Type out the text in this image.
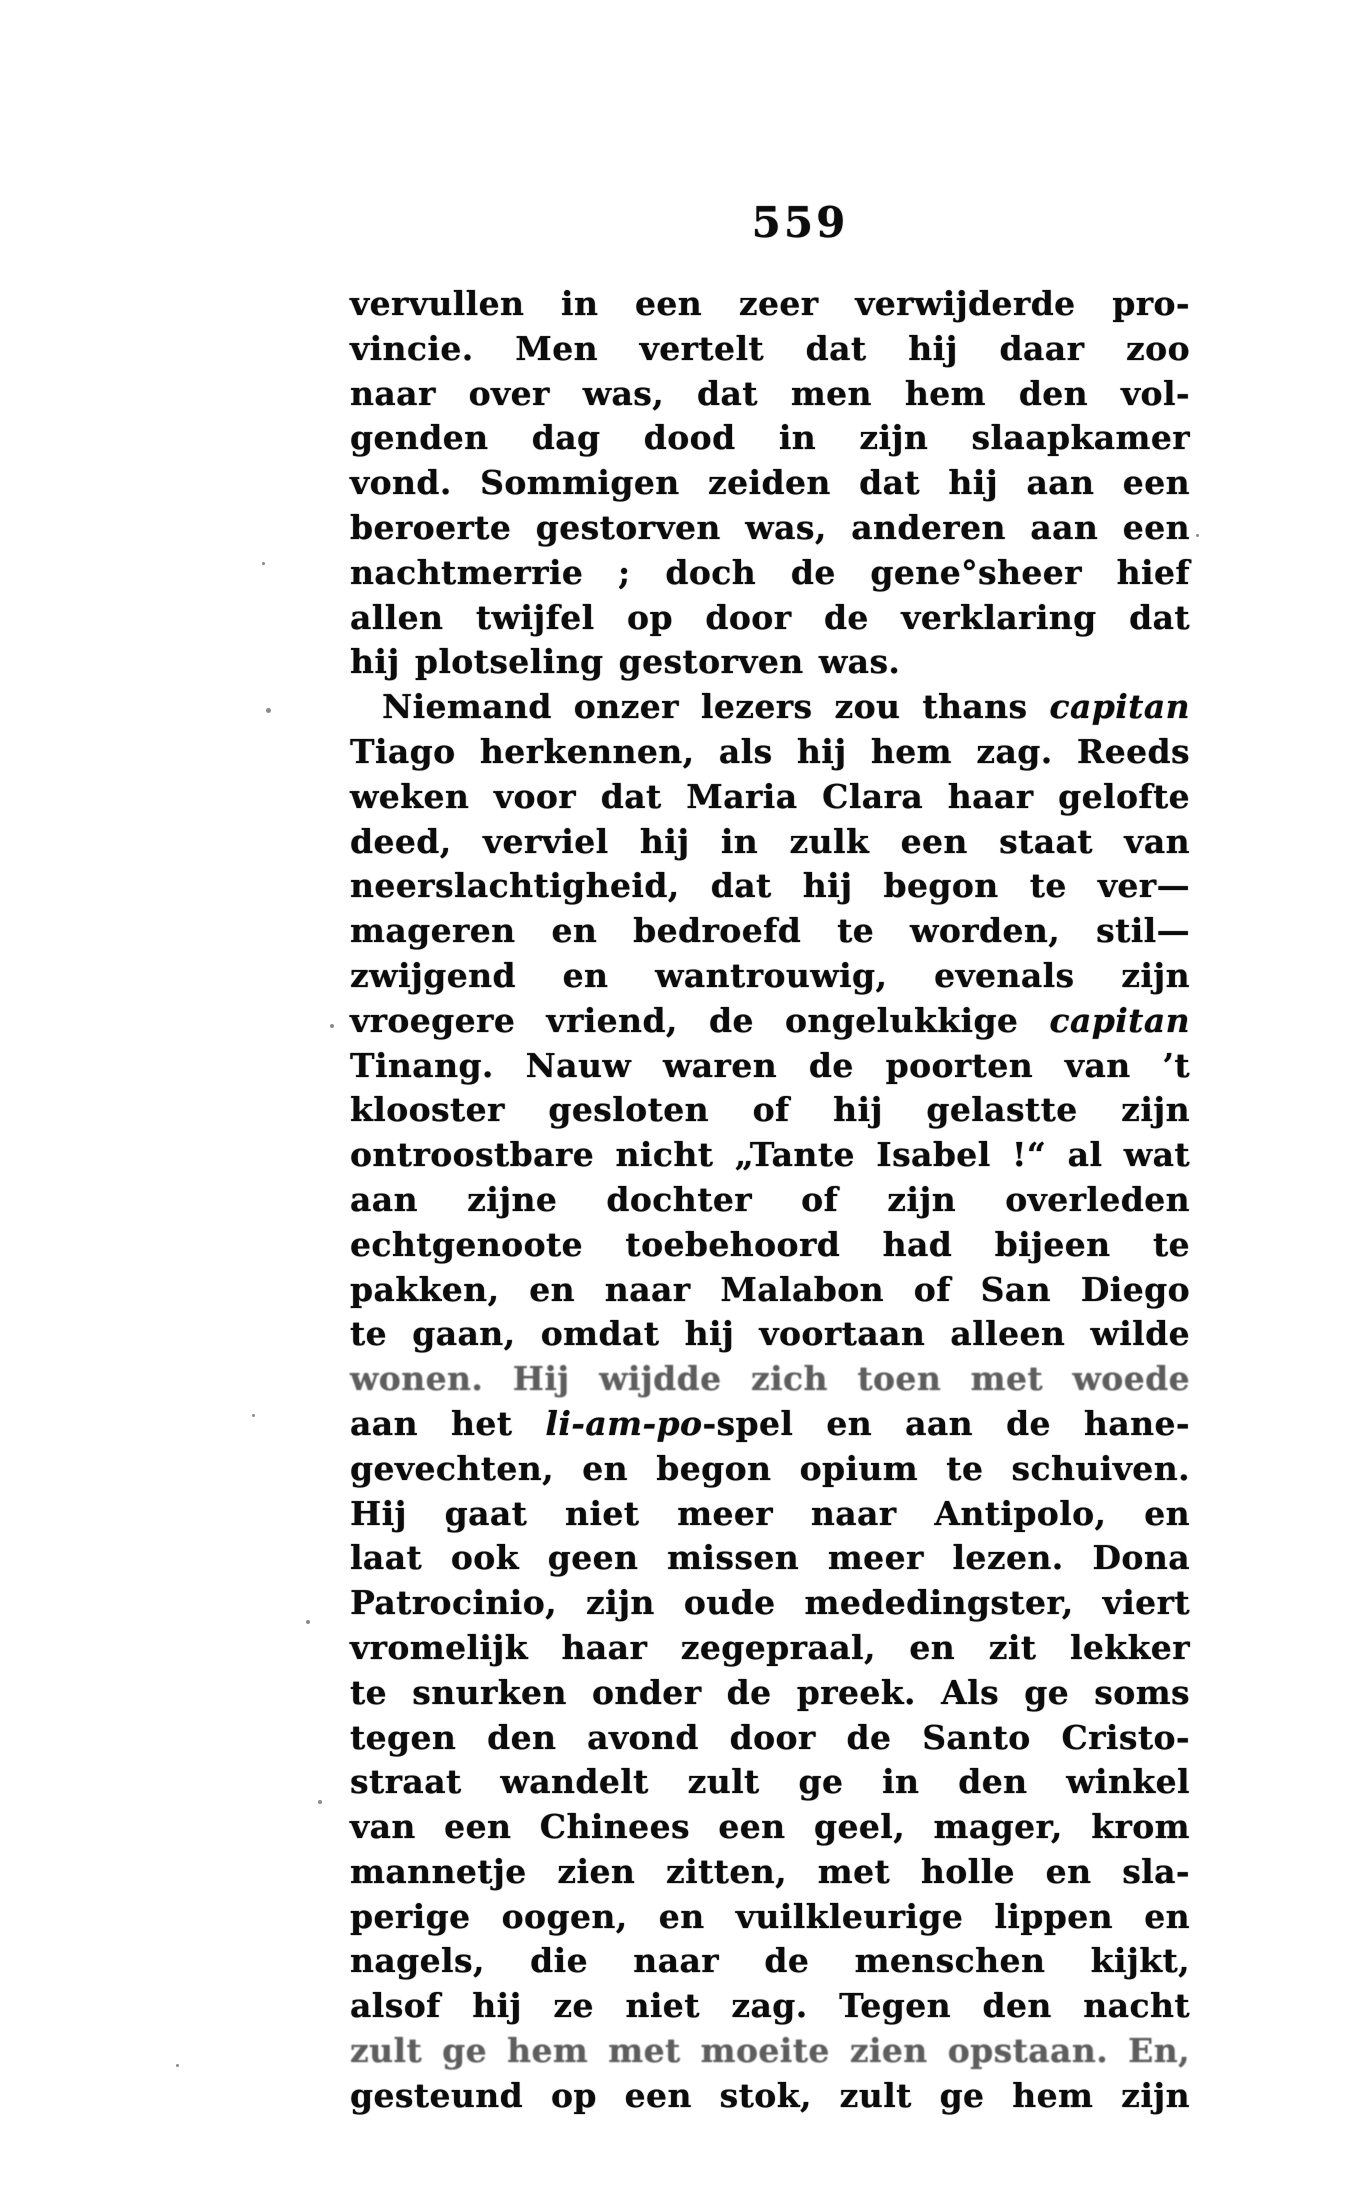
559
vervullen in een zeer verwijderde pro-
vincie. Men vertelt dat hij daar zoo
naar over was, dat men hem den vol-
genden dag dood in zijn slaapkamer
vond. Sommigen zeiden dat hij aan een
beroerte gestorven was, anderen aan een
nachtmerrie ; doch de gene°sheer hief
allen twijfel op door de verklaring dat
hij plotseling gestorven was.
Niemand onzer lezers zou thans capitan
Tiago herkennen, als hij hem zag. Reeds
weken voor dat Maria Clara haar gelofte
deed, verviel hij in zulk een staat van
neerslachtigheid, dat hij begon te ver—
mageren en bedroefd te worden, stil—
zwijgend en wantrouwig, evenals zijn
vroegere vriend, de ongelukkige capitan
Tinang. Nauw waren de poorten van ’t
klooster gesloten of hij gelastte zijn
ontroostbare nicht „Tante Isabel !“ al wat
aan zijne dochter of zijn overleden
echtgenoote toebehoord had bijeen te
pakken, en naar Malabon of San Diego
te gaan, omdat hij voortaan alleen wilde
wonen. Hij wijdde zich toen met woede
aan het li-am-po-spel en aan de hane-
gevechten, en begon opium te schuiven.
Hij gaat niet meer naar Antipolo, en
laat ook geen missen meer lezen. Dona
Patrocinio, zijn oude mededingster, viert
vromelijk haar zegepraal, en zit lekker
te snurken onder de preek. Als ge soms
tegen den avond door de Santo Cristo-
straat wandelt zult ge in den winkel
van een Chinees een geel, mager, krom
mannetje zien zitten, met holle en sla-
perige oogen, en vuilkleurige lippen en
nagels, die naar de menschen kijkt,
alsof hij ze niet zag. Tegen den nacht
zult ge hem met moeite zien opstaan. En,
gesteund op een stok, zult ge hem zijn
